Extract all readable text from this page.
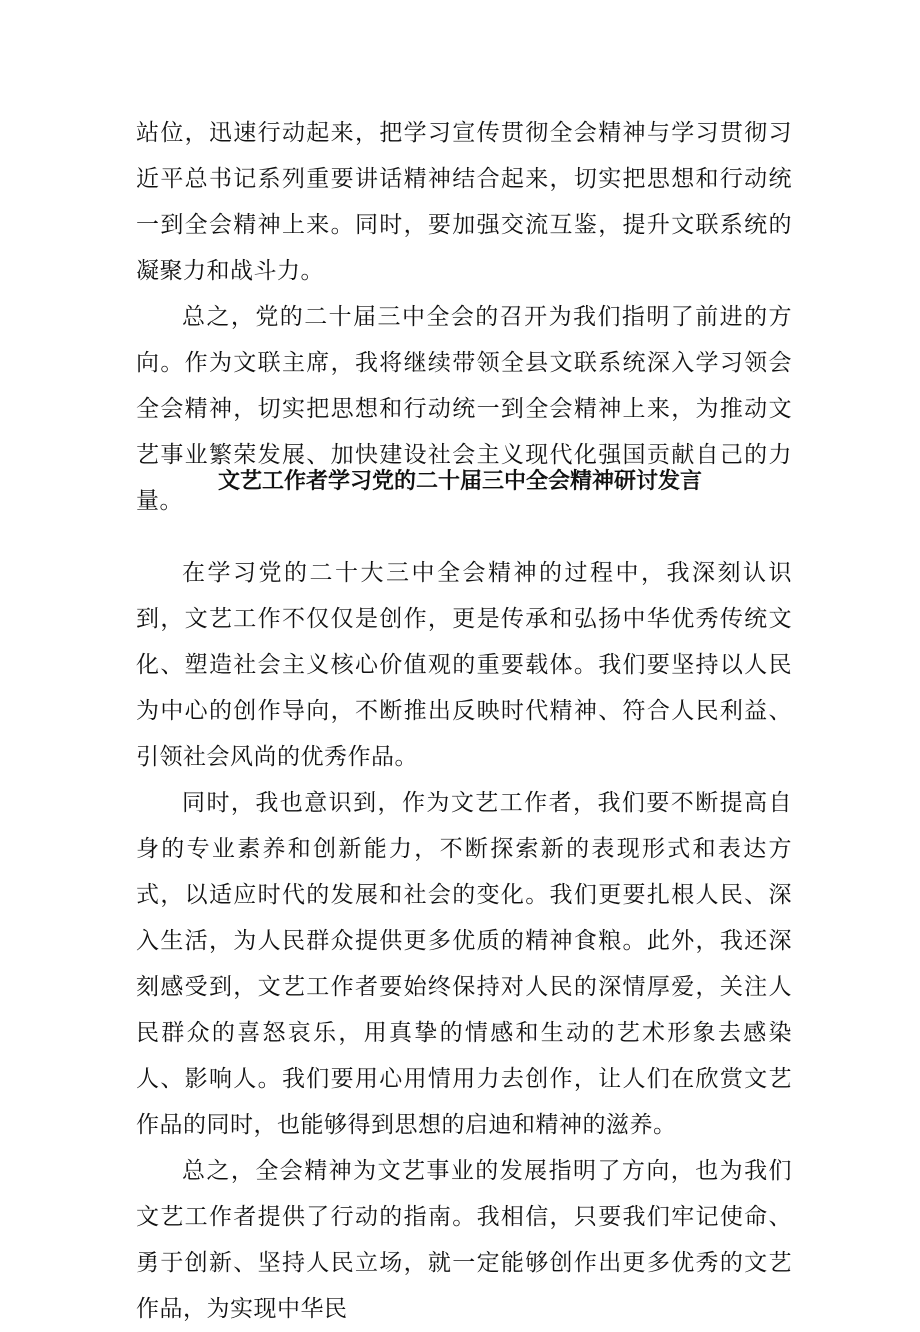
站位，迅速行动起来，把学习宣传贯彻全会精神与学习贯彻习近平总书记系列重要讲话精神结合起来，切实把思想和行动统一到全会精神上来。同时，要加强交流互鉴，提升文联系统的凝聚力和战斗力。

总之，党的二十届三中全会的召开为我们指明了前进的方向。作为文联主席，我将继续带领全县文联系统深入学习领会全会精神，切实把思想和行动统一到全会精神上来，为推动文艺事业繁荣发展、加快建设社会主义现代化强国贡献自己的力量。

文艺工作者学习党的二十届三中全会精神研讨发言

在学习党的二十大三中全会精神的过程中，我深刻认识到，文艺工作不仅仅是创作，更是传承和弘扬中华优秀传统文化、塑造社会主义核心价值观的重要载体。我们要坚持以人民为中心的创作导向，不断推出反映时代精神、符合人民利益、引领社会风尚的优秀作品。

同时，我也意识到，作为文艺工作者，我们要不断提高自身的专业素养和创新能力，不断探索新的表现形式和表达方式，以适应时代的发展和社会的变化。我们更要扎根人民、深入生活，为人民群众提供更多优质的精神食粮。此外，我还深刻感受到，文艺工作者要始终保持对人民的深情厚爱，关注人民群众的喜怒哀乐，用真挚的情感和生动的艺术形象去感染人、影响人。我们要用心用情用力去创作，让人们在欣赏文艺作品的同时，也能够得到思想的启迪和精神的滋养。

总之，全会精神为文艺事业的发展指明了方向，也为我们文艺工作者提供了行动的指南。我相信，只要我们牢记使命、勇于创新、坚持人民立场，就一定能够创作出更多优秀的文艺作品，为实现中华民
